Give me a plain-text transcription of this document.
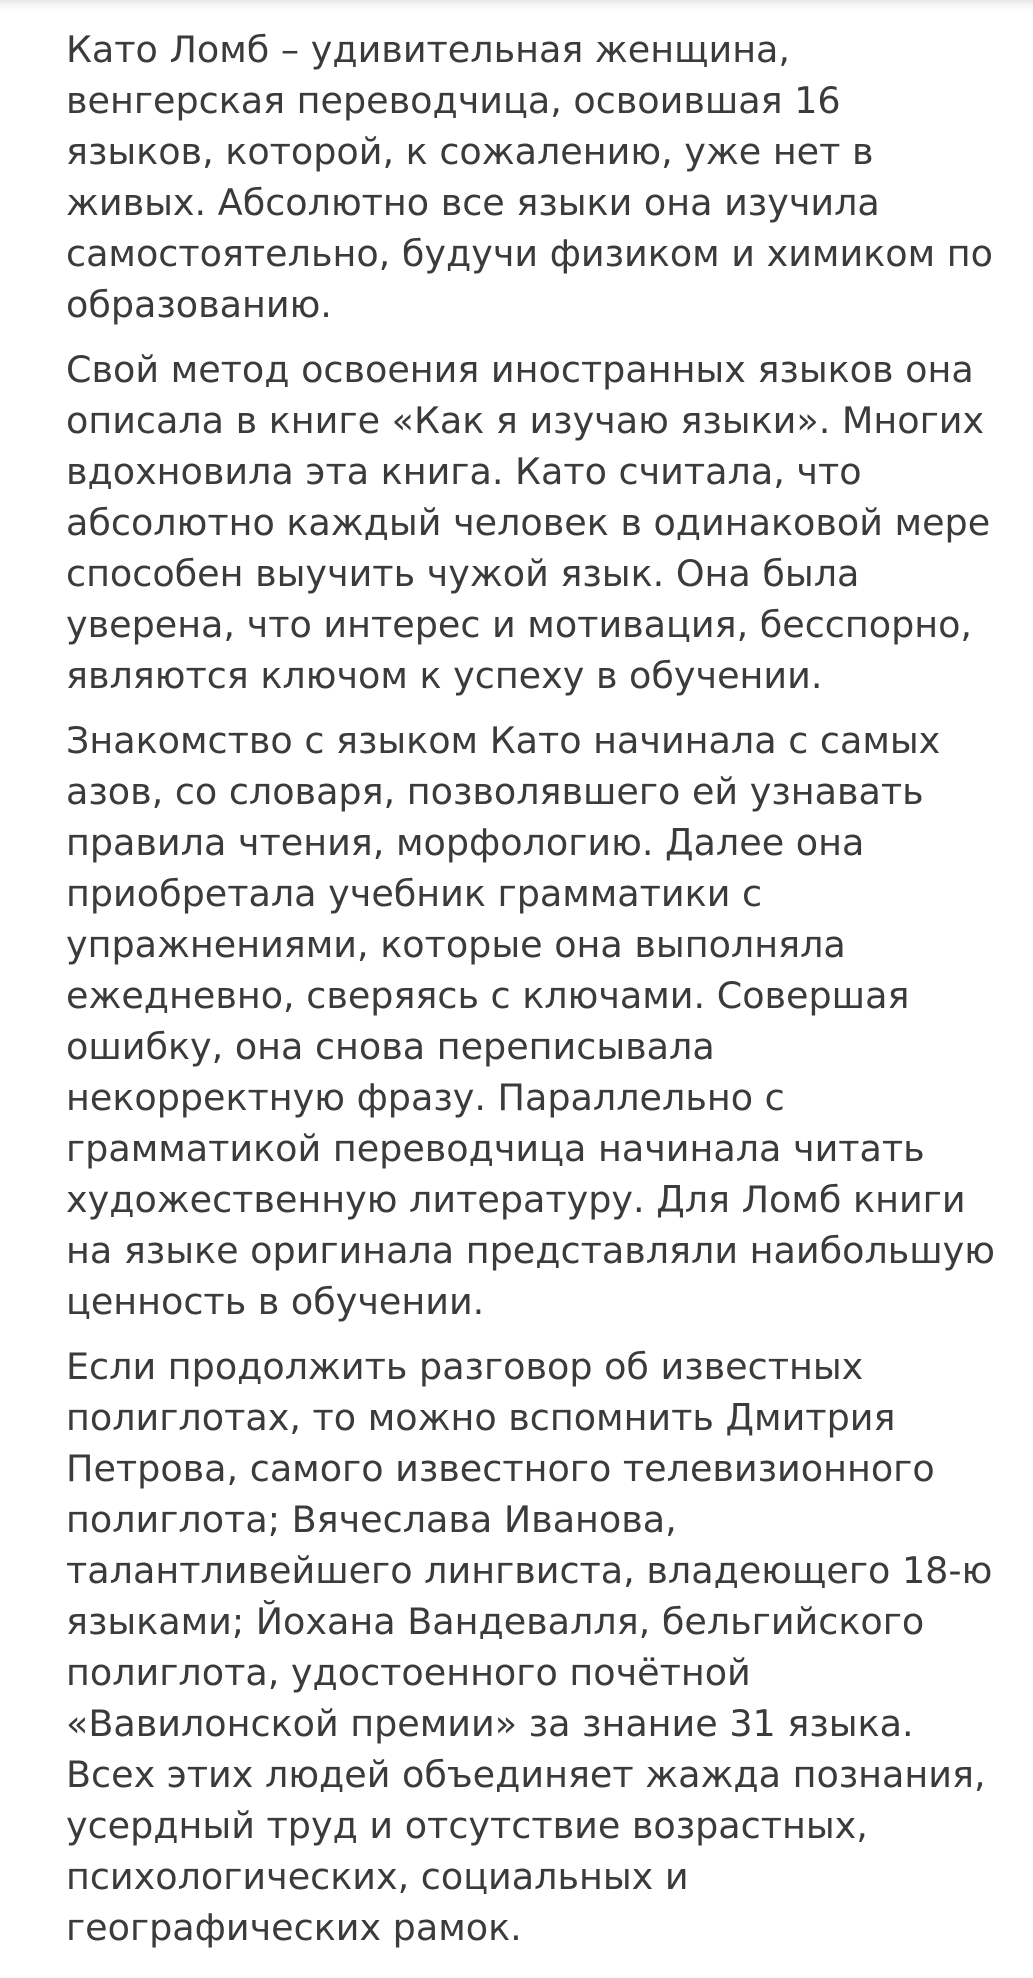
Като Ломб – удивительная женщина,
венгерская переводчица, освоившая 16
языков, которой, к сожалению, уже нет в
живых. Абсолютно все языки она изучила
самостоятельно, будучи физиком и химиком по
образованию.

Свой метод освоения иностранных языков она
описала в книге «Как я изучаю языки». Многих
вдохновила эта книга. Като считала, что
абсолютно каждый человек в одинаковой мере
способен выучить чужой язык. Она была
уверена, что интерес и мотивация, бесспорно,
являются ключом к успеху в обучении.

Знакомство с языком Като начинала с самых
азов, со словаря, позволявшего ей узнавать
правила чтения, морфологию. Далее она
приобретала учебник грамматики с
упражнениями, которые она выполняла
ежедневно, сверяясь с ключами. Совершая
ошибку, она снова переписывала
некорректную фразу. Параллельно с
грамматикой переводчица начинала читать
художественную литературу. Для Ломб книги
на языке оригинала представляли наибольшую
ценность в обучении.

Если продолжить разговор об известных
полиглотах, то можно вспомнить Дмитрия
Петрова, самого известного телевизионного
полиглота; Вячеслава Иванова,
талантливейшего лингвиста, владеющего 18-ю
языками; Йохана Вандевалля, бельгийского
полиглота, удостоенного почётной
«Вавилонской премии» за знание 31 языка.
Всех этих людей объединяет жажда познания,
усердный труд и отсутствие возрастных,
психологических, социальных и
географических рамок.
